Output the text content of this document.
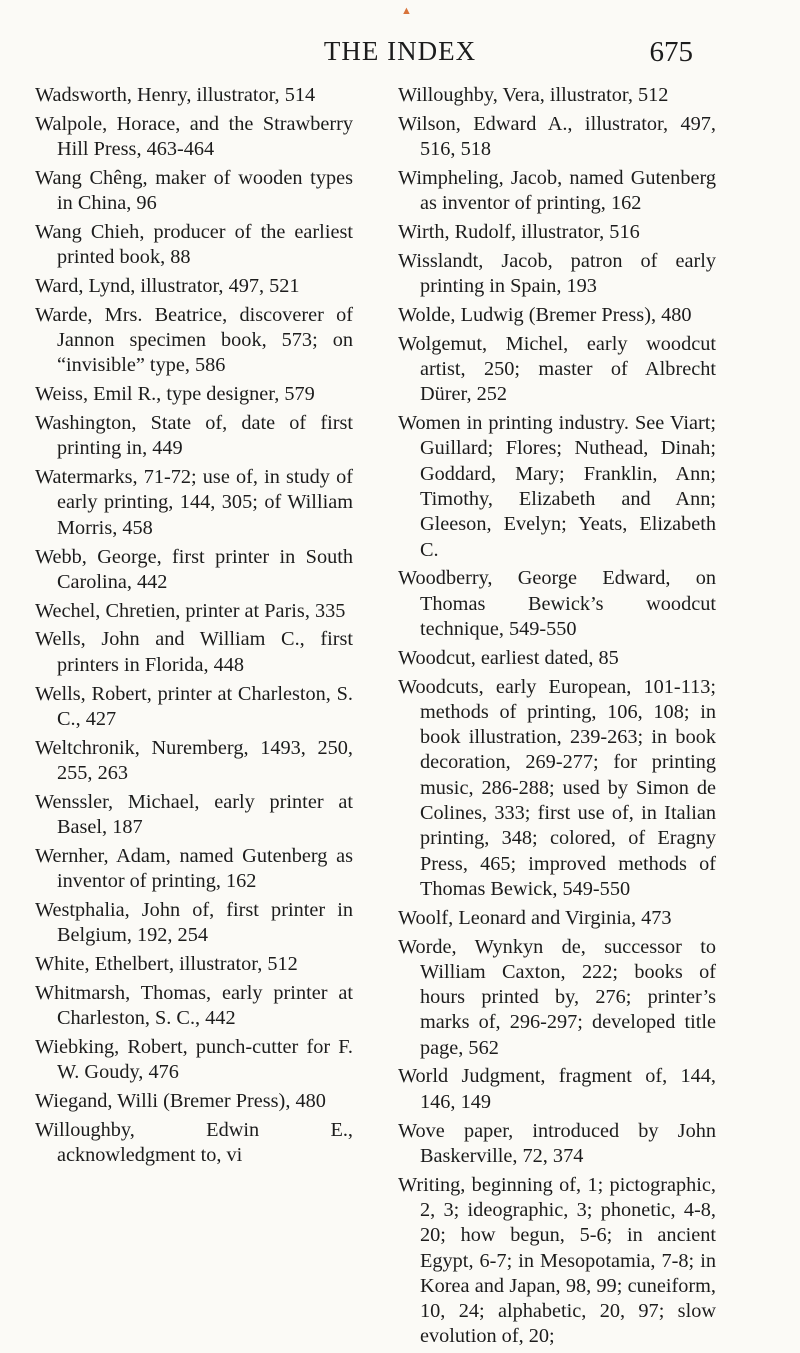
▲
THE INDEX	675

Wadsworth, Henry, illustrator, 514

Walpole, Horace, and the Strawberry Hill Press, 463-464

Wang Chêng, maker of wooden types in China, 96

Wang Chieh, producer of the earliest printed book, 88

Ward, Lynd, illustrator, 497, 521

Warde, Mrs. Beatrice, discoverer of Jannon specimen book, 573; on “invisible” type, 586

Weiss, Emil R., type designer, 579

Washington, State of, date of first printing in, 449

Watermarks, 71-72; use of, in study of early printing, 144, 305; of William Morris, 458

Webb, George, first printer in South Carolina, 442

Wechel, Chretien, printer at Paris, 335

Wells, John and William C., first printers in Florida, 448

Wells, Robert, printer at Charleston, S. C., 427

Weltchronik, Nuremberg, 1493, 250, 255, 263

Wenssler, Michael, early printer at Basel, 187

Wernher, Adam, named Gutenberg as inventor of printing, 162

Westphalia, John of, first printer in Belgium, 192, 254

White, Ethelbert, illustrator, 512

Whitmarsh, Thomas, early printer at Charleston, S. C., 442

Wiebking, Robert, punch-cutter for F. W. Goudy, 476

Wiegand, Willi (Bremer Press), 480

Willoughby, Edwin E., acknowledgment to, vi

Willoughby, Vera, illustrator, 512

Wilson, Edward A., illustrator, 497, 516, 518

Wimpheling, Jacob, named Gutenberg as inventor of printing, 162

Wirth, Rudolf, illustrator, 516

Wisslandt, Jacob, patron of early printing in Spain, 193

Wolde, Ludwig (Bremer Press), 480

Wolgemut, Michel, early woodcut artist, 250; master of Albrecht Dürer, 252

Women in printing industry. See Viart; Guillard; Flores; Nuthead, Dinah; Goddard, Mary; Franklin, Ann; Timothy, Elizabeth and Ann; Gleeson, Evelyn; Yeats, Elizabeth C.

Woodberry, George Edward, on Thomas Bewick’s woodcut technique, 549-550

Woodcut, earliest dated, 85

Woodcuts, early European, 101-113; methods of printing, 106, 108; in book illustration, 239-263; in book decoration, 269-277; for printing music, 286-288; used by Simon de Colines, 333; first use of, in Italian printing, 348; colored, of Eragny Press, 465; improved methods of Thomas Bewick, 549-550

Woolf, Leonard and Virginia, 473

Worde, Wynkyn de, successor to William Caxton, 222; books of hours printed by, 276; printer’s marks of, 296-297; developed title page, 562

World Judgment, fragment of, 144, 146, 149

Wove paper, introduced by John Baskerville, 72, 374

Writing, beginning of, 1; pictographic, 2, 3; ideographic, 3; phonetic, 4-8, 20; how begun, 5-6; in ancient Egypt, 6-7; in Mesopotamia, 7-8; in Korea and Japan, 98, 99; cuneiform, 10, 24; alphabetic, 20, 97; slow evolution of, 20;
